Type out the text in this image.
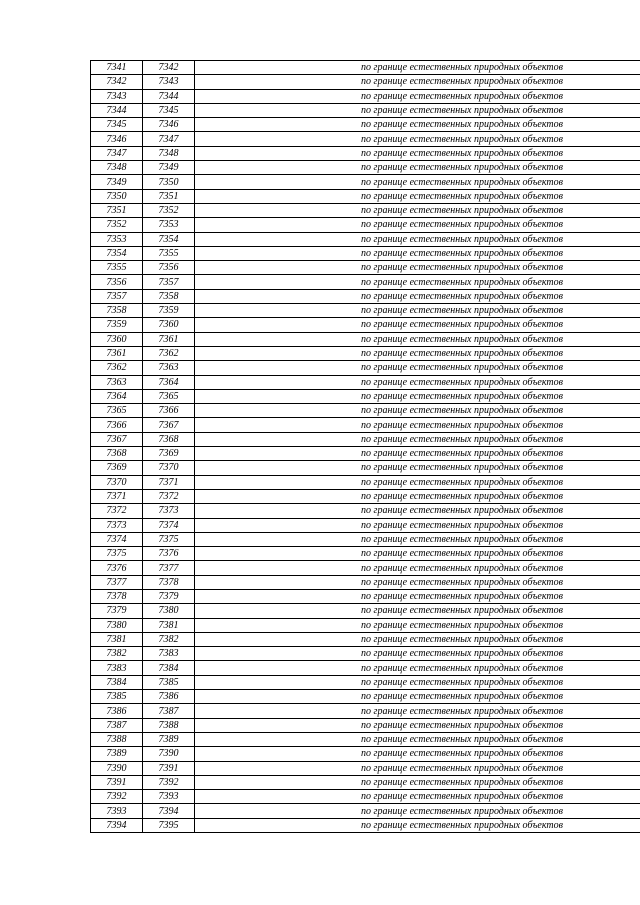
7341	7342	по границе естественных природных объектов
7342	7343	по границе естественных природных объектов
7343	7344	по границе естественных природных объектов
7344	7345	по границе естественных природных объектов
7345	7346	по границе естественных природных объектов
7346	7347	по границе естественных природных объектов
7347	7348	по границе естественных природных объектов
7348	7349	по границе естественных природных объектов
7349	7350	по границе естественных природных объектов
7350	7351	по границе естественных природных объектов
7351	7352	по границе естественных природных объектов
7352	7353	по границе естественных природных объектов
7353	7354	по границе естественных природных объектов
7354	7355	по границе естественных природных объектов
7355	7356	по границе естественных природных объектов
7356	7357	по границе естественных природных объектов
7357	7358	по границе естественных природных объектов
7358	7359	по границе естественных природных объектов
7359	7360	по границе естественных природных объектов
7360	7361	по границе естественных природных объектов
7361	7362	по границе естественных природных объектов
7362	7363	по границе естественных природных объектов
7363	7364	по границе естественных природных объектов
7364	7365	по границе естественных природных объектов
7365	7366	по границе естественных природных объектов
7366	7367	по границе естественных природных объектов
7367	7368	по границе естественных природных объектов
7368	7369	по границе естественных природных объектов
7369	7370	по границе естественных природных объектов
7370	7371	по границе естественных природных объектов
7371	7372	по границе естественных природных объектов
7372	7373	по границе естественных природных объектов
7373	7374	по границе естественных природных объектов
7374	7375	по границе естественных природных объектов
7375	7376	по границе естественных природных объектов
7376	7377	по границе естественных природных объектов
7377	7378	по границе естественных природных объектов
7378	7379	по границе естественных природных объектов
7379	7380	по границе естественных природных объектов
7380	7381	по границе естественных природных объектов
7381	7382	по границе естественных природных объектов
7382	7383	по границе естественных природных объектов
7383	7384	по границе естественных природных объектов
7384	7385	по границе естественных природных объектов
7385	7386	по границе естественных природных объектов
7386	7387	по границе естественных природных объектов
7387	7388	по границе естественных природных объектов
7388	7389	по границе естественных природных объектов
7389	7390	по границе естественных природных объектов
7390	7391	по границе естественных природных объектов
7391	7392	по границе естественных природных объектов
7392	7393	по границе естественных природных объектов
7393	7394	по границе естественных природных объектов
7394	7395	по границе естественных природных объектов
